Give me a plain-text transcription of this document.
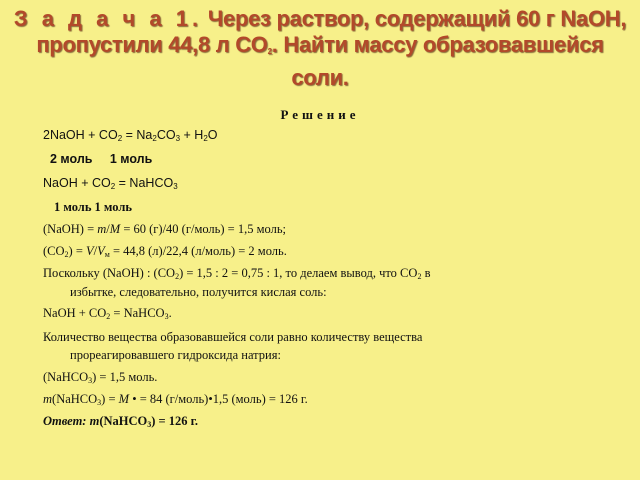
З а д а ч а 1. Через раствор, содержащий 60 г NaOH,
пропустили 44,8 л $CO_2$. Найти массу образовавшейся
соли.
Решение
2NaOH + $CO_2 = Na_2CO_3 + H_2O$
2 моль     1 моль
NaOH + $CO_2$ = NaHCO$_3$
1 моль 1 моль
(NaOH) = m/M = 60 (г)/40 (г/моль) = 1,5 моль;
$(CO_2) = V/V_м = 44,8$ (л)/22,4 (л/моль) = 2 моль.
Поскольку (NaOH) : $(CO_2) = 1,5$ : 2 = 0,75 : 1, то делаем вывод, что $CO_2$ в
избытке, следовательно, получится кислая соль:
NaOH + $CO_2$ = NaHCO$_3$.
Количество вещества образовавшейся соли равно количеству вещества
прореагировавшего гидроксида натрия:
(NaHCO$_3$) = 1,5 моль.
m(NaHCO$_3$) = M • = 84 (г/моль)•1,5 (моль) = 126 г.
Ответ: m(NaHCO$_3$) = 126 г.
